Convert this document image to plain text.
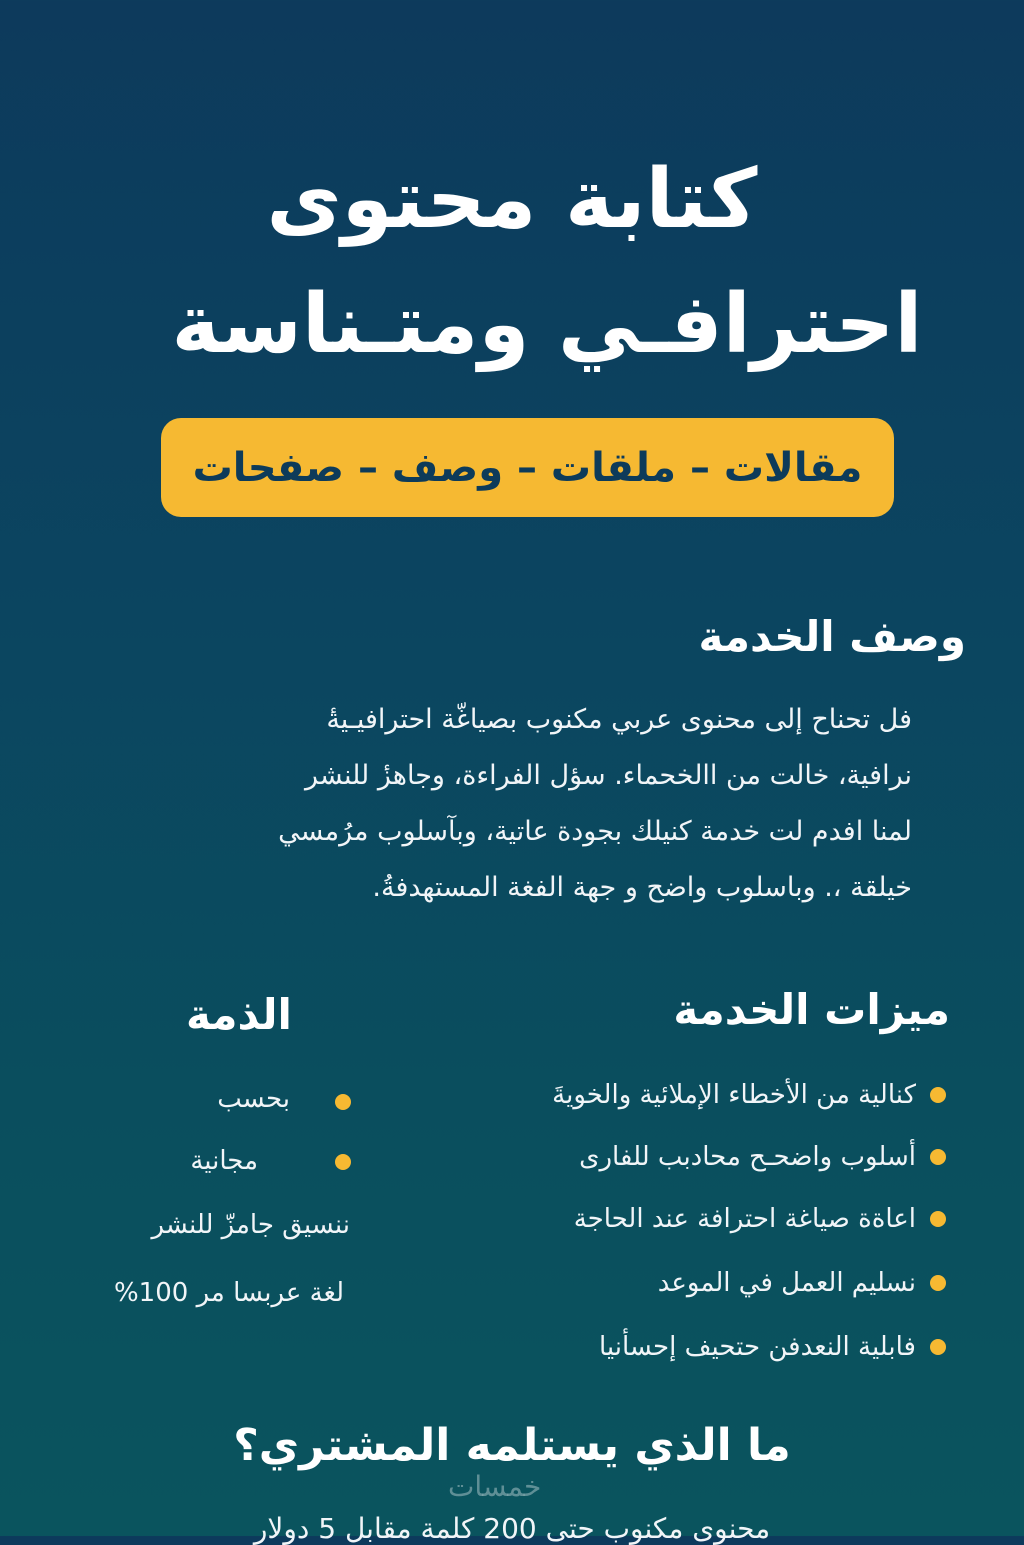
كتابة محتوى
احترافـي ومتـناسة
مقالات – ملقات – وصف – صفحات
وصف الخدمة
فل تحناح إلى محنوى عربي مكنوب بصياغّة احترافيـيةٔ
نرافية، خالت من االخحماء. سؤل الفراءة، وجاهزٔ للنشر
لمنا افدم لت خدمة كنيلك بجودة عاتية، وبآسلوب مرُمسي
خيلقة ،. وباسلوب واضح و جهة الفغة المستهدفةُ.
ميزات الخدمة
الذمة
كنالية من الأخطاء الإملائية والخويةَ
أسلوب واضحـح محادبب للفارى
اعاةة صياغة احترافة عند الحاجة
نسليم العمل في الموعد
فابلية النعدفن حتحيف إحسأنيا
بحسب
مجانية
ننسيق جامزّ للنشر
لغة عربسا مر 100%
ما الذي يستلمه المشتري؟
خمسات
محنوى مكنوب حتى 200 كلمة مقابل 5 دولار
